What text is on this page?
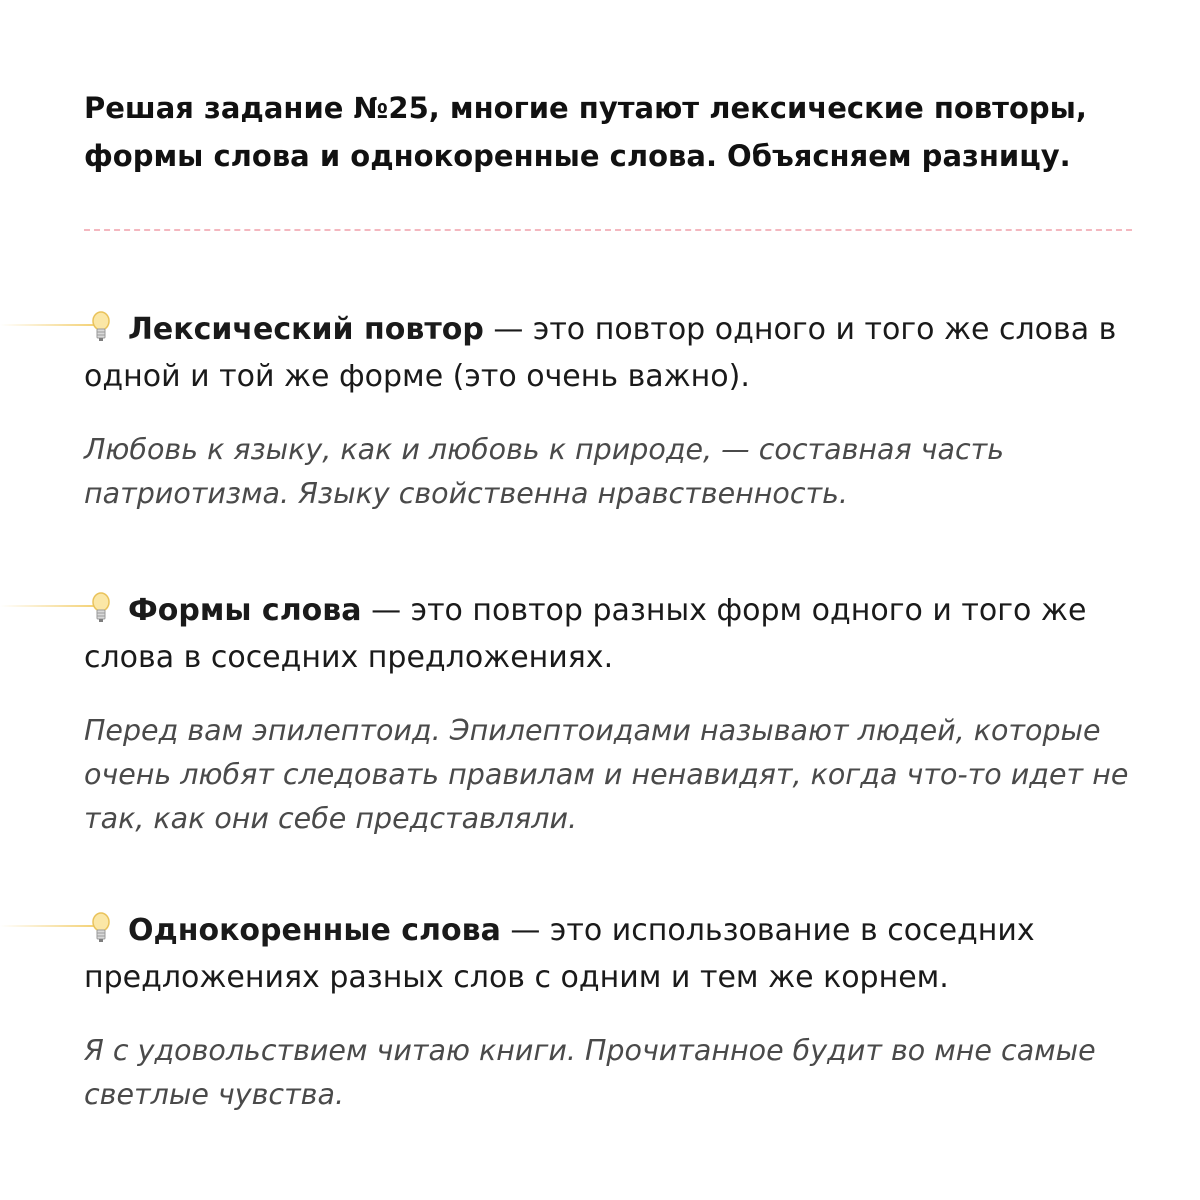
Решая задание №25, многие путают лексические повторы, формы слова и однокоренные слова. Объясняем разницу.

Лексический повтор — это повтор одного и того же слова в одной и той же форме (это очень важно).

Любовь к языку, как и любовь к природе, — составная часть патриотизма. Языку свойственна нравственность.

Формы слова — это повтор разных форм одного и того же слова в соседних предложениях.

Перед вам эпилептоид. Эпилептоидами называют людей, которые очень любят следовать правилам и ненавидят, когда что-то идет не так, как они себе представляли.

Однокоренные слова — это использование в соседних предложениях разных слов с одним и тем же корнем.

Я с удовольствием читаю книги. Прочитанное будит во мне самые светлые чувства.
